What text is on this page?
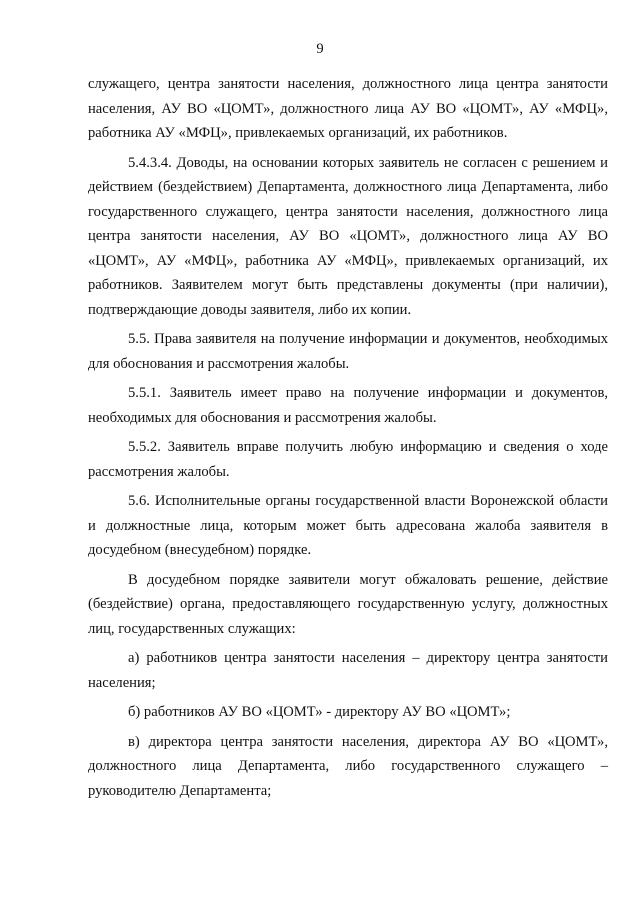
9

служащего, центра занятости населения, должностного лица центра занятости населения, АУ ВО «ЦОМТ», должностного лица АУ ВО «ЦОМТ», АУ «МФЦ», работника АУ «МФЦ», привлекаемых организаций, их работников.

5.4.3.4. Доводы, на основании которых заявитель не согласен с решением и действием (бездействием) Департамента, должностного лица Департамента, либо государственного служащего, центра занятости населения, должностного лица центра занятости населения, АУ ВО «ЦОМТ», должностного лица АУ ВО «ЦОМТ», АУ «МФЦ», работника АУ «МФЦ», привлекаемых организаций, их работников. Заявителем могут быть представлены документы (при наличии), подтверждающие доводы заявителя, либо их копии.

5.5. Права заявителя на получение информации и документов, необходимых для обоснования и рассмотрения жалобы.

5.5.1. Заявитель имеет право на получение информации и документов, необходимых для обоснования и рассмотрения жалобы.

5.5.2. Заявитель вправе получить любую информацию и сведения о ходе рассмотрения жалобы.

5.6. Исполнительные органы государственной власти Воронежской области и должностные лица, которым может быть адресована жалоба заявителя в досудебном (внесудебном) порядке.

В досудебном порядке заявители могут обжаловать решение, действие (бездействие) органа, предоставляющего государственную услугу, должностных лиц, государственных служащих:

а) работников центра занятости населения – директору центра занятости населения;

б) работников АУ ВО «ЦОМТ» - директору АУ ВО «ЦОМТ»;

в) директора центра занятости населения, директора АУ ВО «ЦОМТ», должностного лица Департамента, либо государственного служащего – руководителю Департамента;
